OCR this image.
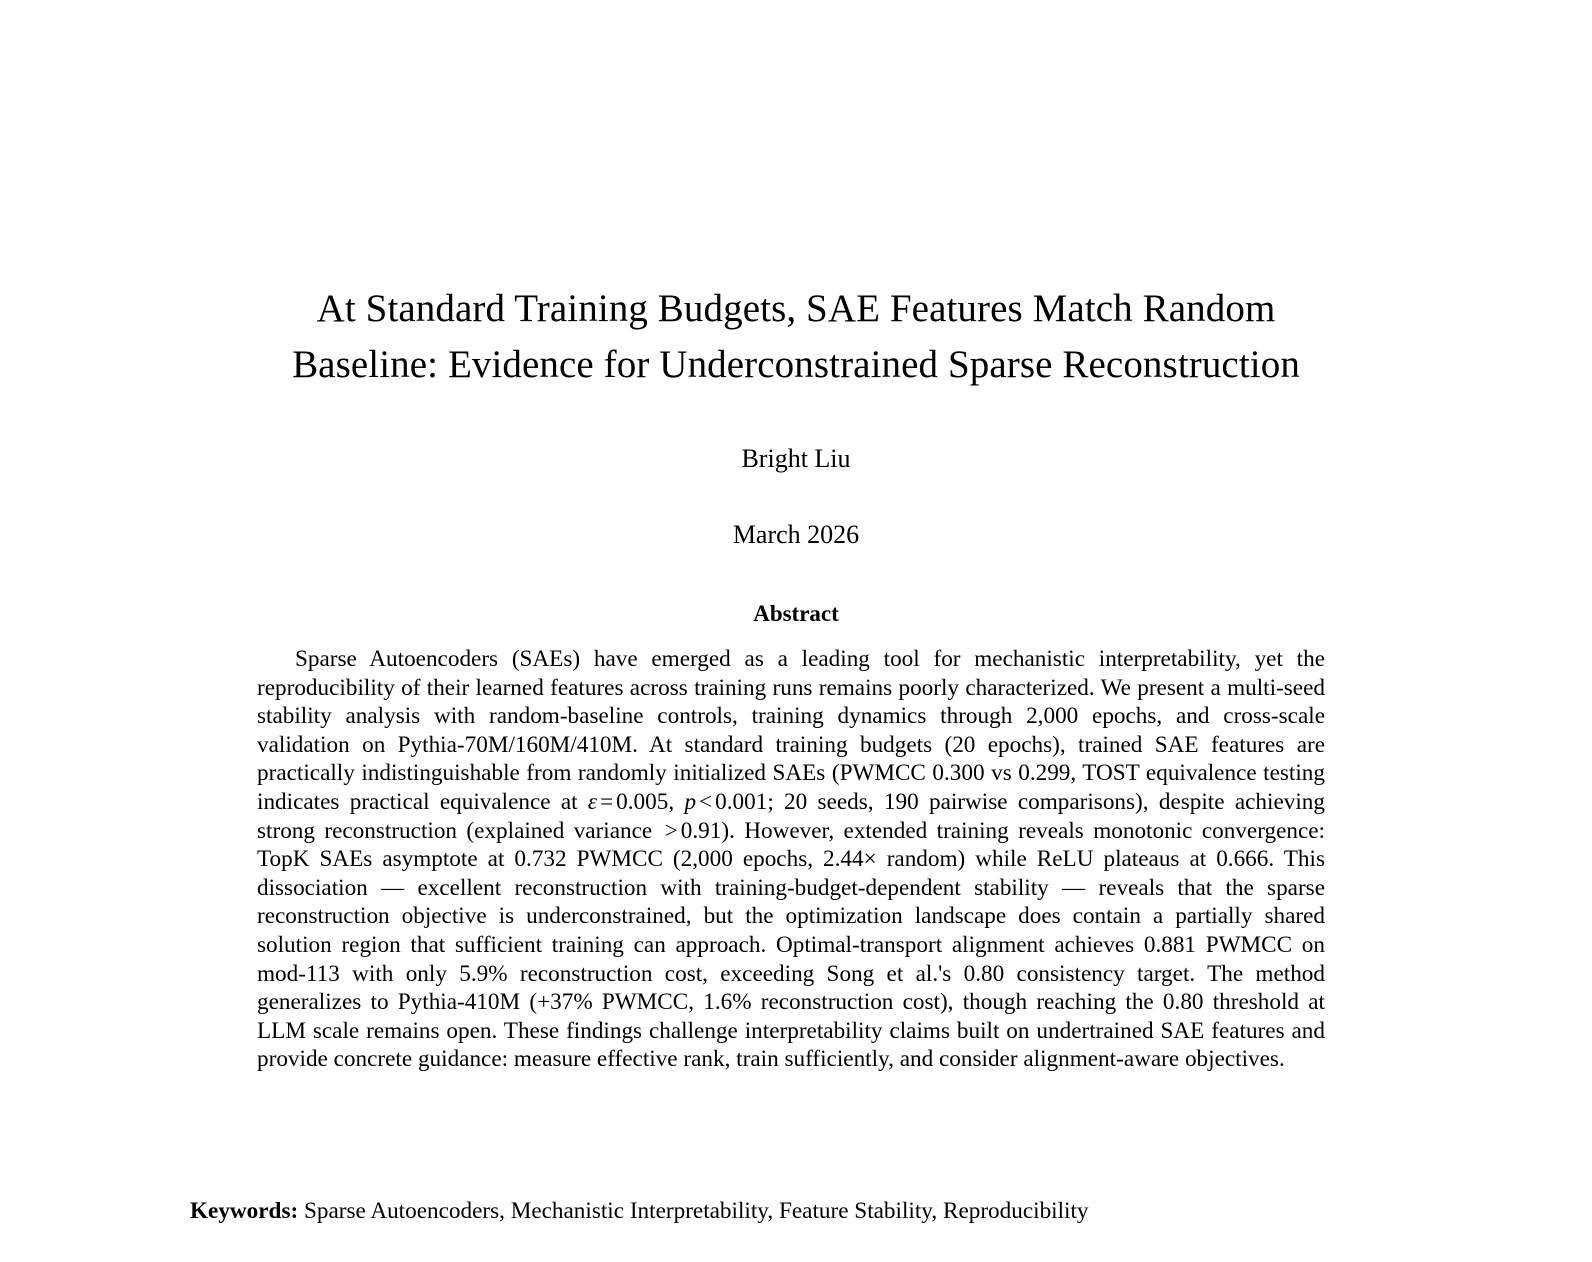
At Standard Training Budgets, SAE Features Match Random
Baseline: Evidence for Underconstrained Sparse Reconstruction
Bright Liu
March 2026
Abstract

Sparse Autoencoders (SAEs) have emerged as a leading tool for mechanistic interpretability, yet the reproducibility of their learned features across training runs remains poorly characterized. We present a multi-seed stability analysis with random-baseline controls, training dynamics through 2,000 epochs, and cross-scale validation on Pythia-70M/160M/410M. At standard training budgets (20 epochs), trained SAE features are practically indistinguishable from randomly initialized SAEs (PWMCC 0.300 vs 0.299, TOST equivalence testing indicates practical equivalence at ε = 0.005, p < 0.001; 20 seeds, 190 pairwise comparisons), despite achieving strong reconstruction (explained variance > 0.91). However, extended training reveals monotonic convergence: TopK SAEs asymptote at 0.732 PWMCC (2,000 epochs, 2.44× random) while ReLU plateaus at 0.666. This dissociation — excellent reconstruction with training-budget-dependent stability — reveals that the sparse reconstruction objective is underconstrained, but the optimization landscape does contain a partially shared solution region that sufficient training can approach. Optimal-transport alignment achieves 0.881 PWMCC on mod-113 with only 5.9% reconstruction cost, exceeding Song et al.'s 0.80 consistency target. The method generalizes to Pythia-410M (+37% PWMCC, 1.6% reconstruction cost), though reaching the 0.80 threshold at LLM scale remains open. These findings challenge interpretability claims built on undertrained SAE features and provide concrete guidance: measure effective rank, train sufficiently, and consider alignment-aware objectives.

Keywords: Sparse Autoencoders, Mechanistic Interpretability, Feature Stability, Reproducibility
